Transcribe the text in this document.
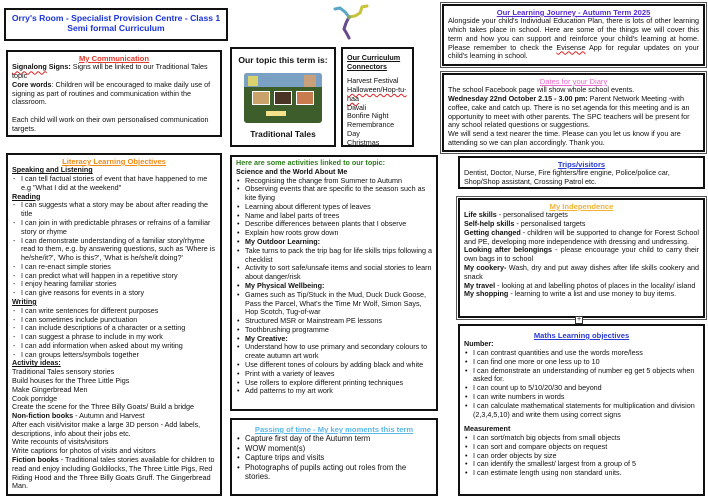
Orry's Room - Specialist Provision Centre - Class 1
Semi formal Curriculum
My Communication
Signalong Signs: Signs will be linked to our Traditional Tales topic
Core words: Children will be encouraged to make daily use of signing as part of routines and communication within the classroom.
Each child will work on their own personalised communication targets.
Our topic this term is:
Traditional Tales
Our Curriculum Connectors
Harvest Festival
Halloween/Hop-tu-naa
Diwali
Bonfire Night
Remembrance Day
Christmas
Our Learning Journey - Autumn Term 2025
Alongside your child's Individual Education Plan, there is lots of other learning which takes place in school. Here are some of the things we will cover this term and how you can support and reinforce your child's learning at home. Please remember to check the Evisense App for regular updates on your child's learning in school.
Dates for your Diary
The school Facebook page will show whole school events.
Wednesday 22nd October 2.15 - 3.00 pm: Parent Network Meeting -with coffee, cake and catch up. There is no set agenda for this meeting and is an opportunity to meet with other parents. The SPC teachers will be present for any school related questions or suggestions.
We will send a text nearer the time. Please can you let us know if you are attending so we can plan accordingly. Thank you.
Literacy Learning Objectives
Speaking and Listening
- I can tell factual stories of event that have happened to me e.g "What I did at the weekend"
Reading
- I can suggests what a story may be about after reading the title
- I can join in with predictable phrases or refrains of a familiar story or rhyme
- I can demonstrate understanding of a familiar story/rhyme read to them, e.g. by answering questions, such as 'Where is he/she/it?', 'Who is this?', 'What is he/she/it doing?'
- I can re-enact simple stories
- I can predict what will happen in a repetitive story
- I enjoy hearing familiar stories
- I can give reasons for events in a story
Writing
- I can write sentences for different purposes
- I can sometimes include punctuation
- I can include descriptions of a character or a setting
- I can suggest a phrase to include in my work
- I can add information when asked about my writing
- I can groups letters/symbols together
Activity ideas:
Traditional Tales sensory stories
Build houses for the Three Little Pigs
Make Gingerbread Men
Cook porridge
Create the scene for the Three Billy Goats/ Build a bridge
Non-fiction books - Autumn and Harvest
After each visit/visitor make a large 3D person - Add labels, descriptions, info about their jobs etc.
Write recounts of visits/visitors
Write captions for photos of visits and visitors
Fiction books - Traditional tales stories available for children to read and enjoy including Goldilocks, The Three Little Pigs, Red Riding Hood and the Three Billy Goats Gruff. The Gingerbread Man.
Here are some activities linked to our topic:
Science and the World About Me
• Recognising the change from Summer to Autumn
• Observing events that are specific to the season such as kite flying
• Learning about different types of leaves
• Name and label parts of trees
• Describe differences between plants that I observe
• Explain how roots grow down
• My Outdoor Learning:
• Take turns to pack the trip bag for life skills trips following a checklist
• Activity to sort safe/unsafe items and social stories to learn about danger/risk
• My Physical Wellbeing:
• Games such as Tip/Stuck in the Mud, Duck Duck Goose, Pass the Parcel, What's the Time Mr Wolf, Simon Says, Hop Scotch, Tug-of-war
• Structured MSR or Mainstream PE lessons
• Toothbrushing programme
• My Creative:
• Understand how to use primary and secondary colours to create autumn art work
• Use different tones of colours by adding black and white
• Print with a variety of leaves
• Use rollers to explore different printing techniques
• Add patterns to my art work
Passing of time - My key moments this term
• Capture first day of the Autumn term
• WOW moment(s)
• Capture trips and visits
• Photographs of pupils acting out roles from the stories.
Trips/visitors
Dentist, Doctor, Nurse, Fire fighters/fire engine, Police/police car, Shop/Shop assistant, Crossing Patrol etc.
My Independence
Life skills - personalised targets
Self-help skills - personalised targets
Getting changed - children will be supported to change for Forest School and PE, developing more independence with dressing and undressing.
Looking after belongings - please encourage your child to carry their own bags in to school
My cookery- Wash, dry and put away dishes after life skills cookery and snack
My travel - looking at and labelling photos of places in the locality/ island
My shopping - learning to write a list and use money to buy items.
+
Maths Learning objectives
Number:
• I can contrast quantities and use the words more/less
• I can find one more or one less up to 10
• I can demonstrate an understanding of number eg get 5 objects when asked for.
• I can count up to 5/10/20/30 and beyond
• I can write numbers in words
• I can calculate mathematical statements for multiplication and division (2,3,4,5,10) and write them using correct signs
Measurement
• I can sort/match big objects from small objects
• I can sort and compare objects on request
• I can order objects by size
• I can identify the smallest/ largest from a group of 5
• I can estimate length using non standard units.
